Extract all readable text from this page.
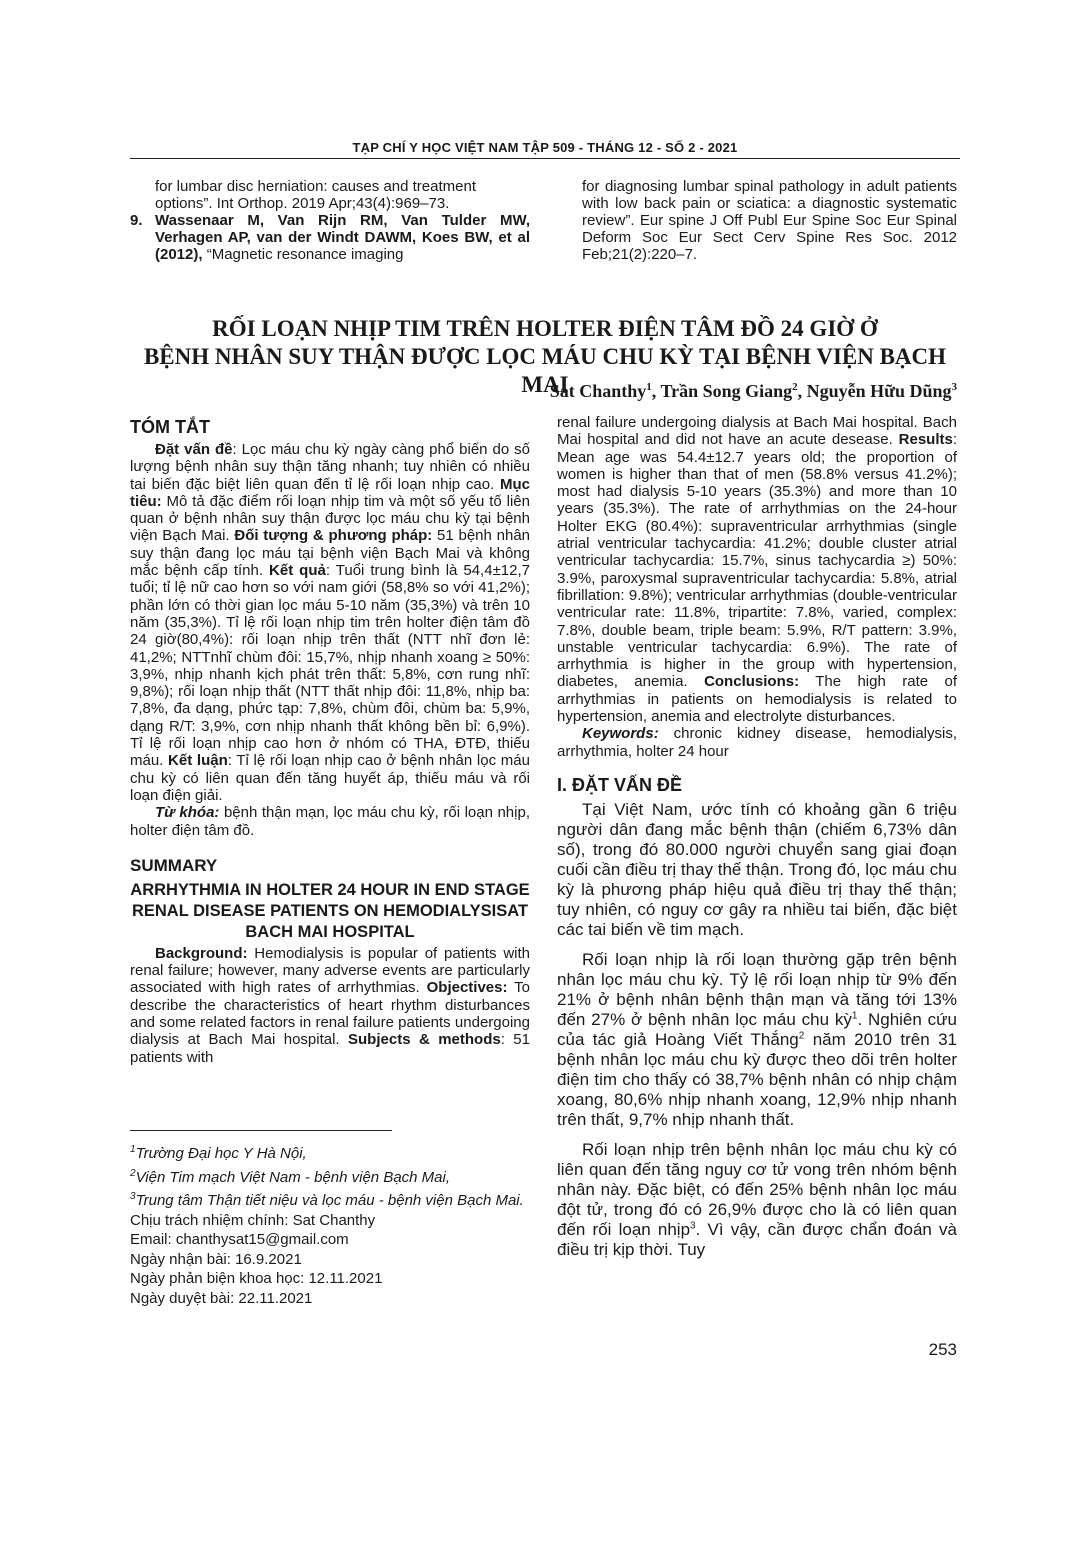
TẠP CHÍ Y HỌC VIỆT NAM TẬP 509 - THÁNG 12 - SỐ 2 - 2021
for lumbar disc herniation: causes and treatment
options”. Int Orthop. 2019 Apr;43(4):969–73.
9. Wassenaar M, Van Rijn RM, Van Tulder MW, Verhagen AP, van der Windt DAWM, Koes BW, et al (2012), “Magnetic resonance imaging
for diagnosing lumbar spinal pathology in adult patients with low back pain or sciatica: a diagnostic systematic review”. Eur spine J Off Publ Eur Spine Soc Eur Spinal Deform Soc Eur Sect Cerv Spine Res Soc. 2012 Feb;21(2):220–7.
RỐI LOẠN NHỊP TIM TRÊN HOLTER ĐIỆN TÂM ĐỒ 24 GIỜ Ở
BỆNH NHÂN SUY THẬN ĐƯỢC LỌC MÁU CHU KỲ TẠI BỆNH VIỆN BẠCH MAI
Sat Chanthy$^1$, Trần Song Giang$^2$, Nguyễn Hữu Dũng$^3$
TÓM TẮT

Đặt vấn đề: Lọc máu chu kỳ ngày càng phổ biến do số lượng bệnh nhân suy thận tăng nhanh; tuy nhiên có nhiều tai biến đặc biệt liên quan đến tỉ lệ rối loạn nhịp cao. Mục tiêu: Mô tả đặc điểm rối loạn nhịp tim và một số yếu tố liên quan ở bệnh nhân suy thận được lọc máu chu kỳ tại bệnh viện Bạch Mai. Đối tượng & phương pháp: 51 bệnh nhân suy thận đang lọc máu tại bệnh viện Bạch Mai và không mắc bệnh cấp tính. Kết quả: Tuổi trung bình là 54,4±12,7 tuổi; tỉ lệ nữ cao hơn so với nam giới (58,8% so với 41,2%); phần lớn có thời gian lọc máu 5-10 năm (35,3%) và trên 10 năm (35,3%). Tỉ lệ rối loạn nhịp tim trên holter điện tâm đồ 24 giờ(80,4%): rối loạn nhịp trên thất (NTT nhĩ đơn lẻ: 41,2%; NTTnhĩ chùm đôi: 15,7%, nhịp nhanh xoang ≥ 50%: 3,9%, nhịp nhanh kịch phát trên thất: 5,8%, cơn rung nhĩ: 9,8%); rối loạn nhịp thất (NTT thất nhịp đôi: 11,8%, nhịp ba: 7,8%, đa dạng, phức tạp: 7,8%, chùm đôi, chùm ba: 5,9%, dạng R/T: 3,9%, cơn nhịp nhanh thất không bền bỉ: 6,9%). Tỉ lệ rối loạn nhịp cao hơn ở nhóm có THA, ĐTĐ, thiếu máu. Kết luận: Tỉ lệ rối loạn nhịp cao ở bệnh nhân lọc máu chu kỳ có liên quan đến tăng huyết áp, thiếu máu và rối loạn điện giải.

Từ khóa: bệnh thận mạn, lọc máu chu kỳ, rối loạn nhịp, holter điện tâm đồ.

SUMMARY
ARRHYTHMIA IN HOLTER 24 HOUR IN END STAGE RENAL DISEASE PATIENTS ON HEMODIALYSISAT BACH MAI HOSPITAL

Background: Hemodialysis is popular of patients with renal failure; however, many adverse events are particularly associated with high rates of arrhythmias. Objectives: To describe the characteristics of heart rhythm disturbances and some related factors in renal failure patients undergoing dialysis at Bach Mai hospital. Subjects & methods: 51 patients with

$^1$Trường Đại học Y Hà Nội,
$^2$Viện Tim mạch Việt Nam - bệnh viện Bạch Mai,
$^3$Trung tâm Thận tiết niệu và lọc máu - bệnh viện Bạch Mai.
Chịu trách nhiệm chính: Sat Chanthy
Email: chanthysat15@gmail.com
Ngày nhận bài: 16.9.2021
Ngày phản biện khoa học: 12.11.2021
Ngày duyệt bài: 22.11.2021

renal failure undergoing dialysis at Bach Mai hospital. Bach Mai hospital and did not have an acute desease. Results: Mean age was 54.4±12.7 years old; the proportion of women is higher than that of men (58.8% versus 41.2%); most had dialysis 5-10 years (35.3%) and more than 10 years (35.3%). The rate of arrhythmias on the 24-hour Holter EKG (80.4%): supraventricular arrhythmias (single atrial ventricular tachycardia: 41.2%; double cluster atrial ventricular tachycardia: 15.7%, sinus tachycardia ≥) 50%: 3.9%, paroxysmal supraventricular tachycardia: 5.8%, atrial fibrillation: 9.8%); ventricular arrhythmias (double-ventricular ventricular rate: 11.8%, tripartite: 7.8%, varied, complex: 7.8%, double beam, triple beam: 5.9%, R/T pattern: 3.9%, unstable ventricular tachycardia: 6.9%). The rate of arrhythmia is higher in the group with hypertension, diabetes, anemia. Conclusions: The high rate of arrhythmias in patients on hemodialysis is related to hypertension, anemia and electrolyte disturbances.

Keywords: chronic kidney disease, hemodialysis, arrhythmia, holter 24 hour

I. ĐẶT VẤN ĐỀ

Tại Việt Nam, ước tính có khoảng gần 6 triệu người dân đang mắc bệnh thận (chiếm 6,73% dân số), trong đó 80.000 người chuyển sang giai đoạn cuối cần điều trị thay thế thận. Trong đó, lọc máu chu kỳ là phương pháp hiệu quả điều trị thay thế thận; tuy nhiên, có nguy cơ gây ra nhiều tai biến, đặc biệt các tai biến về tim mạch.

Rối loạn nhịp là rối loạn thường gặp trên bệnh nhân lọc máu chu kỳ. Tỷ lệ rối loạn nhịp từ 9% đến 21% ở bệnh nhân bệnh thận mạn và tăng tới 13% đến 27% ở bệnh nhân lọc máu chu kỳ$^1$. Nghiên cứu của tác giả Hoàng Viết Thắng$^2$ năm 2010 trên 31 bệnh nhân lọc máu chu kỳ được theo dõi trên holter điện tim cho thấy có 38,7% bệnh nhân có nhịp chậm xoang, 80,6% nhịp nhanh xoang, 12,9% nhịp nhanh trên thất, 9,7% nhịp nhanh thất.

Rối loạn nhịp trên bệnh nhân lọc máu chu kỳ có liên quan đến tăng nguy cơ tử vong trên nhóm bệnh nhân này. Đặc biệt, có đến 25% bệnh nhân lọc máu đột tử, trong đó có 26,9% được cho là có liên quan đến rối loạn nhịp$^3$. Vì vậy, cần được chẩn đoán và điều trị kịp thời. Tuy

253
